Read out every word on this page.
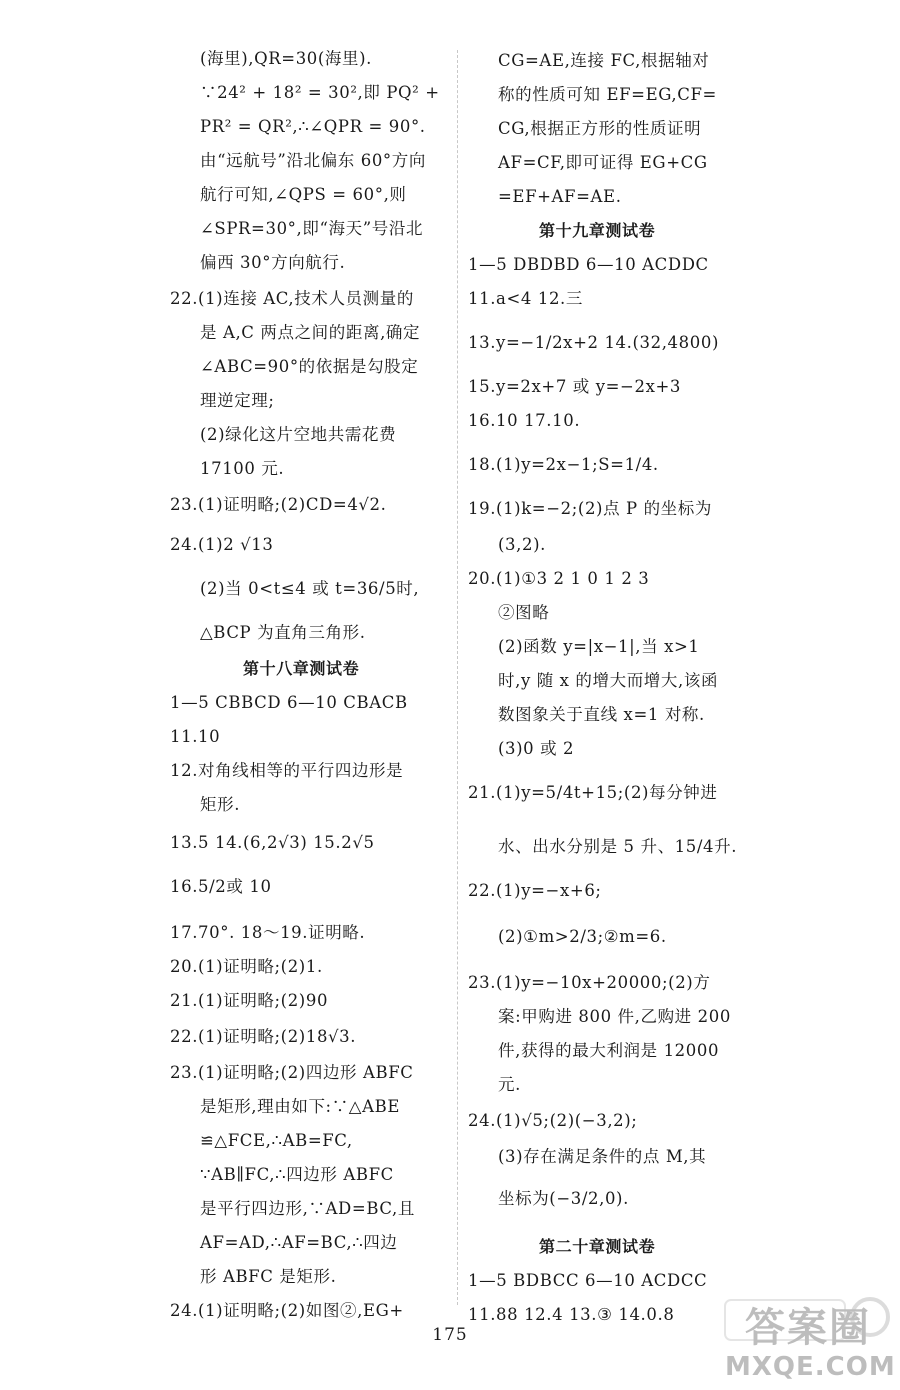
(海里),QR=30(海里).
∵24² + 18² = 30²,即 PQ² +
PR² = QR²,∴∠QPR = 90°.
由“远航号”沿北偏东 60°方向
航行可知,∠QPS = 60°,则
∠SPR=30°,即“海天”号沿北
偏西 30°方向航行.
22.(1)连接 AC,技术人员测量的
是 A,C 两点之间的距离,确定
∠ABC=90°的依据是勾股定
理逆定理;
(2)绿化这片空地共需花费
17100 元.
23.(1)证明略;(2)CD=4√2.
24.(1)2 √13
(2)当 0<t≤4 或 t=36/5时,
△BCP 为直角三角形.
第十八章测试卷
1—5 CBBCD 6—10 CBACB
11.10
12.对角线相等的平行四边形是
矩形.
13.5 14.(6,2√3) 15.2√5
16.5/2或 10
17.70°. 18～19.证明略.
20.(1)证明略;(2)1.
21.(1)证明略;(2)90
22.(1)证明略;(2)18√3.
23.(1)证明略;(2)四边形 ABFC
是矩形,理由如下:∵△ABE
≌△FCE,∴AB=FC,
∵AB∥FC,∴四边形 ABFC
是平行四边形,∵AD=BC,且
AF=AD,∴AF=BC,∴四边
形 ABFC 是矩形.
24.(1)证明略;(2)如图②,EG+
CG=AE,连接 FC,根据轴对
称的性质可知 EF=EG,CF=
CG,根据正方形的性质证明
AF=CF,即可证得 EG+CG
=EF+AF=AE.
第十九章测试卷
1—5 DBDBD 6—10 ACDDC
11.a<4 12.三
13.y=−1/2x+2 14.(32,4800)
15.y=2x+7 或 y=−2x+3
16.10 17.10.
18.(1)y=2x−1;S=1/4.
19.(1)k=−2;(2)点 P 的坐标为
(3,2).
20.(1)①3 2 1 0 1 2 3
②图略
(2)函数 y=|x−1|,当 x>1
时,y 随 x 的增大而增大,该函
数图象关于直线 x=1 对称.
(3)0 或 2
21.(1)y=5/4t+15;(2)每分钟进
水、出水分别是 5 升、15/4升.
22.(1)y=−x+6;
(2)①m>2/3;②m=6.
23.(1)y=−10x+20000;(2)方
案:甲购进 800 件,乙购进 200
件,获得的最大利润是 12000
元.
24.(1)√5;(2)(−3,2);
(3)存在满足条件的点 M,其
坐标为(−3/2,0).
第二十章测试卷
1—5 BDBCC 6—10 ACDCC
11.88 12.4 13.③ 14.0.8
175	答案圈
MXQE.COM
